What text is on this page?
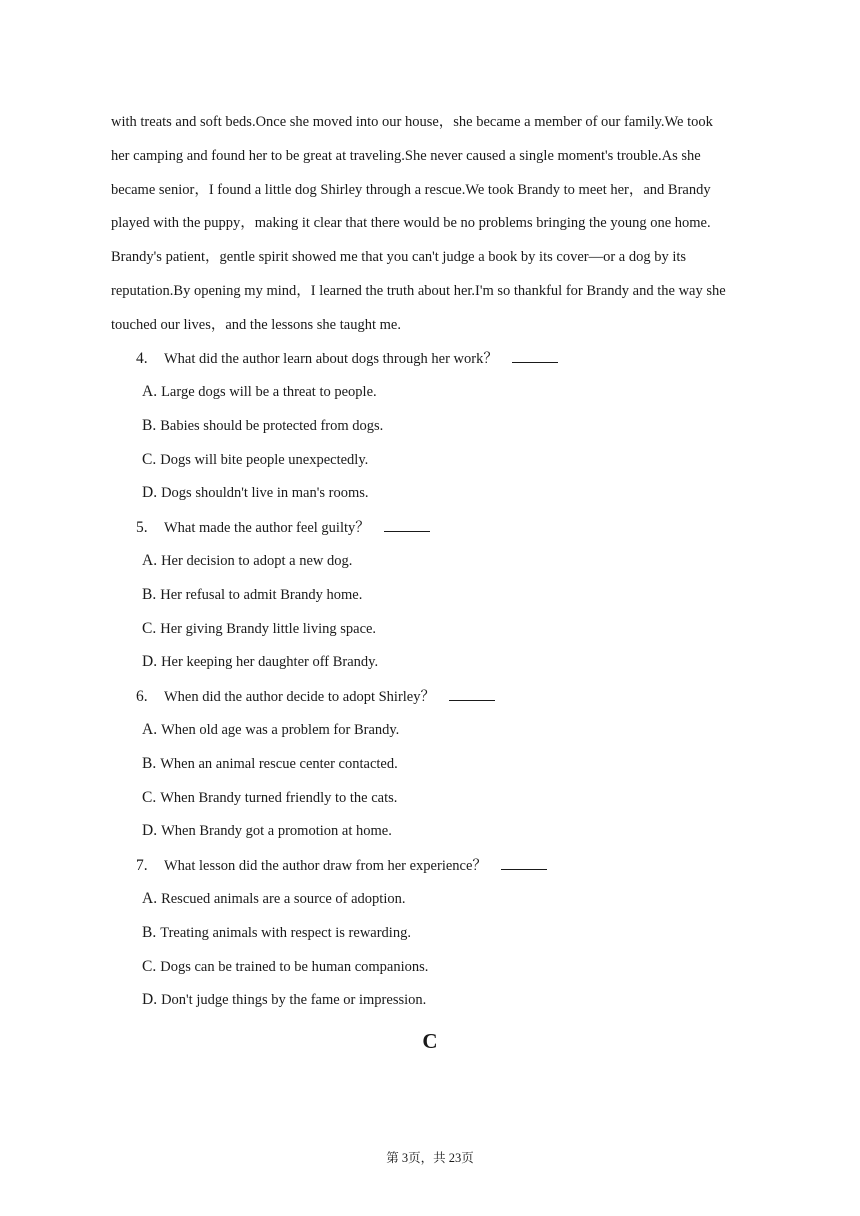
with treats and soft beds.Once she moved into our house，she became a member of our family.We took
her camping and found her to be great at traveling.She never caused a single moment's trouble.As she
became senior，I found a little dog Shirley through a rescue.We took Brandy to meet her，and Brandy
played with the puppy，making it clear that there would be no problems bringing the young one home.
Brandy's patient，gentle spirit showed me that you can't judge a book by its cover—or a dog by its
reputation.By opening my mind，I learned the truth about her.I'm so thankful for Brandy and the way she
touched our lives，and the lessons she taught me.
4. What did the author learn about dogs through her work？
A. Large dogs will be a threat to people.
B. Babies should be protected from dogs.
C. Dogs will bite people unexpectedly.
D. Dogs shouldn't live in man's rooms.
5. What made the author feel guilty？
A. Her decision to adopt a new dog.
B. Her refusal to admit Brandy home.
C. Her giving Brandy little living space.
D. Her keeping her daughter off Brandy.
6. When did the author decide to adopt Shirley？
A. When old age was a problem for Brandy.
B. When an animal rescue center contacted.
C. When Brandy turned friendly to the cats.
D. When Brandy got a promotion at home.
7. What lesson did the author draw from her experience？
A. Rescued animals are a source of adoption.
B. Treating animals with respect is rewarding.
C. Dogs can be trained to be human companions.
D. Don't judge things by the fame or impression.
C
第 3页，共 23页
